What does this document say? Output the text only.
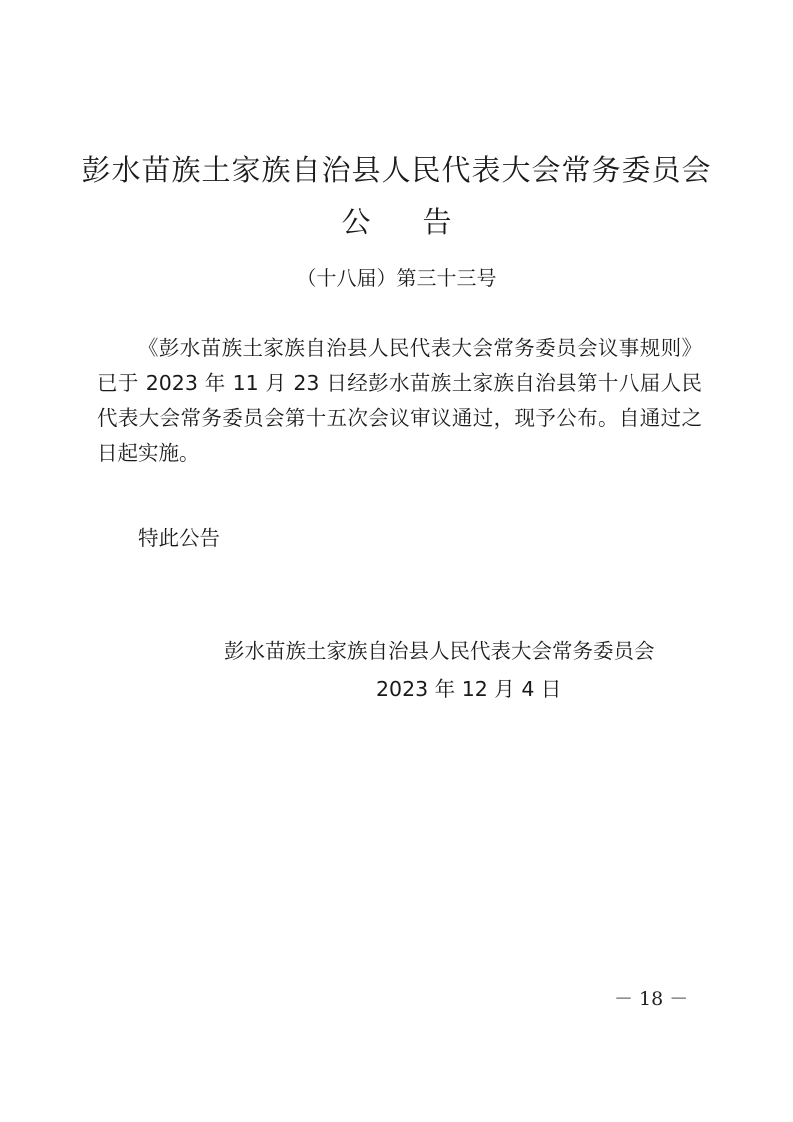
彭水苗族土家族自治县人民代表大会常务委员会
公 告
（十八届）第三十三号

《彭水苗族土家族自治县人民代表大会常务委员会议事规则》已于 2023 年 11 月 23 日经彭水苗族土家族自治县第十八届人民代表大会常务委员会第十五次会议审议通过，现予公布。自通过之日起实施。

特此公告
彭水苗族土家族自治县人民代表大会常务委员会
2023 年 12 月 4 日
－ 18 －
